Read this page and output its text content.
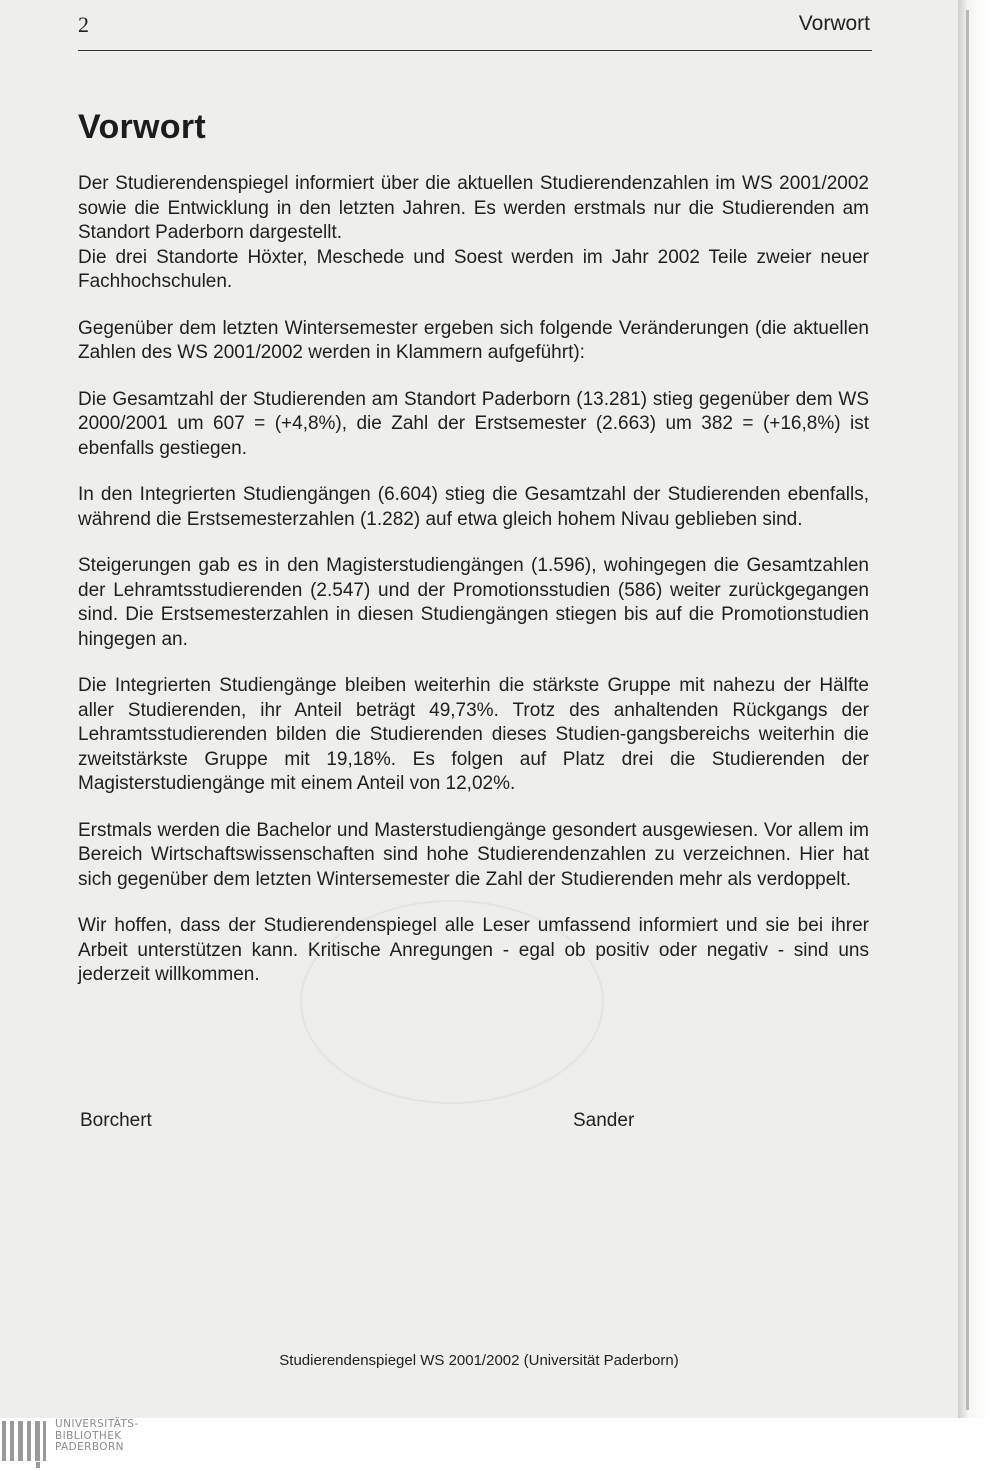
2	Vorwort
Vorwort

Der Studierendenspiegel informiert über die aktuellen Studierendenzahlen im WS 2001/2002 sowie die Entwicklung in den letzten Jahren. Es werden erstmals nur die Studierenden am Standort Paderborn dargestellt.

Die drei Standorte Höxter, Meschede und Soest werden im Jahr 2002 Teile zweier neuer Fachhochschulen.

Gegenüber dem letzten Wintersemester ergeben sich folgende Veränderungen (die aktuellen Zahlen des WS 2001/2002 werden in Klammern aufgeführt):

Die Gesamtzahl der Studierenden am Standort Paderborn (13.281) stieg gegenüber dem WS 2000/2001 um 607 = (+4,8%), die Zahl der Erstsemester (2.663) um 382 = (+16,8%) ist ebenfalls gestiegen.

In den Integrierten Studiengängen (6.604) stieg die Gesamtzahl der Studierenden ebenfalls, während die Erstsemesterzahlen (1.282) auf etwa gleich hohem Nivau geblieben sind.

Steigerungen gab es in den Magisterstudiengängen (1.596), wohingegen die Gesamtzahlen der Lehramtsstudierenden (2.547) und der Promotionsstudien (586) weiter zurückgegangen sind. Die Erstsemesterzahlen in diesen Studiengängen stiegen bis auf die Promotionstudien hingegen an.

Die Integrierten Studiengänge bleiben weiterhin die stärkste Gruppe mit nahezu der Hälfte aller Studierenden, ihr Anteil beträgt 49,73%. Trotz des anhaltenden Rückgangs der Lehramtsstudierenden bilden die Studierenden dieses Studien-gangsbereichs weiterhin die zweitstärkste Gruppe mit 19,18%. Es folgen auf Platz drei die Studierenden der Magisterstudiengänge mit einem Anteil von 12,02%.

Erstmals werden die Bachelor und Masterstudiengänge gesondert ausgewiesen. Vor allem im Bereich Wirtschaftswissenschaften sind hohe Studierendenzahlen zu verzeichnen. Hier hat sich gegenüber dem letzten Wintersemester die Zahl der Studierenden mehr als verdoppelt.

Wir hoffen, dass der Studierendenspiegel alle Leser umfassend informiert und sie bei ihrer Arbeit unterstützen kann. Kritische Anregungen - egal ob positiv oder negativ - sind uns jederzeit willkommen.

Borchert	Sander
Studierendenspiegel WS 2001/2002 (Universität Paderborn)
UNIVERSITÄTS-
BIBLIOTHEK
PADERBORN
